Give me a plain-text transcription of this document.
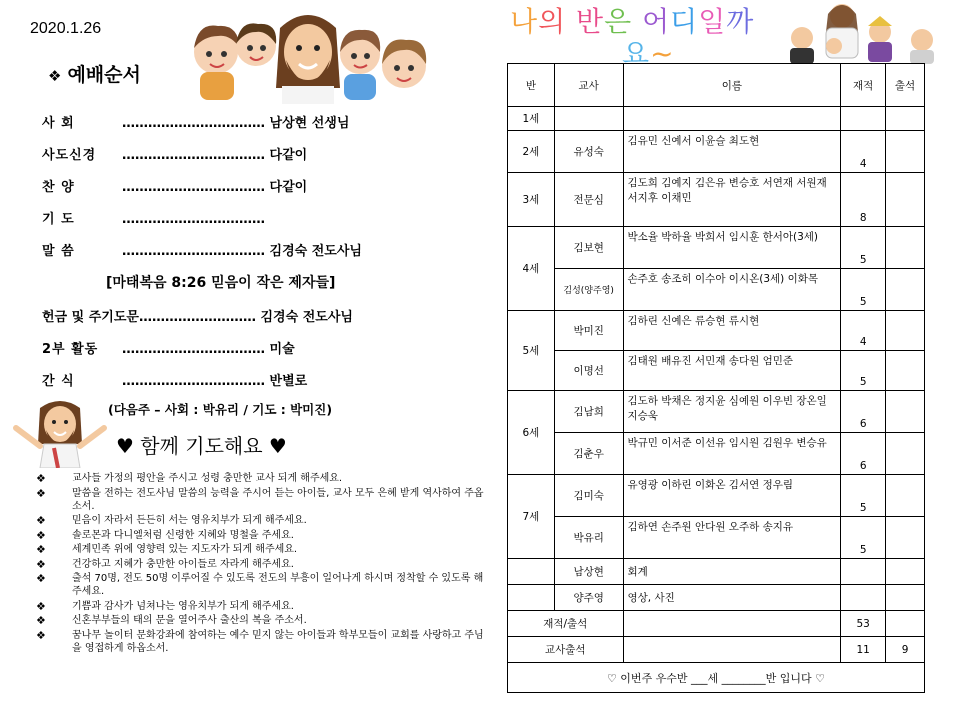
2020.1.26
❖ 예배순서
사 회	…………………………… 남상현 선생님
사도신경 …………………………… 다같이
찬 양	…………………………… 다같이
기 도	……………………………
말 씀	…………………………… 김경숙 전도사님
[마태복음 8:26 믿음이 작은 제자들]
헌금 및 주기도문……………………… 김경숙 전도사님
2부 활동 …………………………… 미술
간 식	…………………………… 반별로
(다음주 – 사회 : 박유리 / 기도 : 박미진)
♥ 함께 기도해요 ♥
❖	교사들 가정의 평안을 주시고 성령 충만한 교사 되게 해주세요.
❖	말씀을 전하는 전도사님 말씀의 능력을 주시어 듣는 아이들, 교사 모두 은혜 받게 역사하여 주옵소서.
❖	믿음이 자라서 든든히 서는 영유치부가 되게 해주세요.
❖	솔로몬과 다니엘처럼 신령한 지혜와 명철을 주세요.
❖	세계민족 위에 영향력 있는 지도자가 되게 해주세요.
❖	건강하고 지혜가 충만한 아이들로 자라게 해주세요.
❖	출석 70명, 전도 50명 이루어질 수 있도록 전도의 부흥이 일어나게 하시며 정착할 수 있도록 해주세요.
❖	기쁨과 감사가 넘쳐나는 영유치부가 되게 해주세요.
❖	신혼부부들의 태의 문을 열어주사 출산의 복을 주소서.
❖	꿈나무 놀이터 문화강좌에 참여하는 예수 믿지 않는 아이들과 학부모들이 교회를 사랑하고 주님을 영접하게 하옵소서.
나의 반은 어디일까
요~
반	교사	이름	재적	출석
1세				
2세	유성숙	김유민 신예서 이윤슬 최도현	4	
3세	전문심	김도희 김예지 김은유 변승호 서연재 서원재 서지후 이채민	8	
4세	김보현	박소율 박하율 박희서 임시훈 한서아(3세)	5	
	김성(양주영)	손주호 송조히 이수아 이시온(3세) 이화목	5	
5세	박미진	김하린 신예은 류승현 류시현	4	
	이명선	김태원 배유진 서민재 송다원 엄민준	5	
6세	김남희	김도하 박채은 정지윤 심예원 이우빈 장온일 지승욱	6	
	김춘우	박규민 이서준 이선유 임시원 김원우 변승유	6	
7세	김미숙	유영광 이하린 이화온 김서연 정우림	5	
	박유리	김하연 손주원 안다원 오주하 송지유	5	
	남상현	회계		
	양주영	영상, 사진		
재적/출석			53	
교사출석			11	9
♡ 이번주 우수반 ___세 ________반 입니다 ♡				
